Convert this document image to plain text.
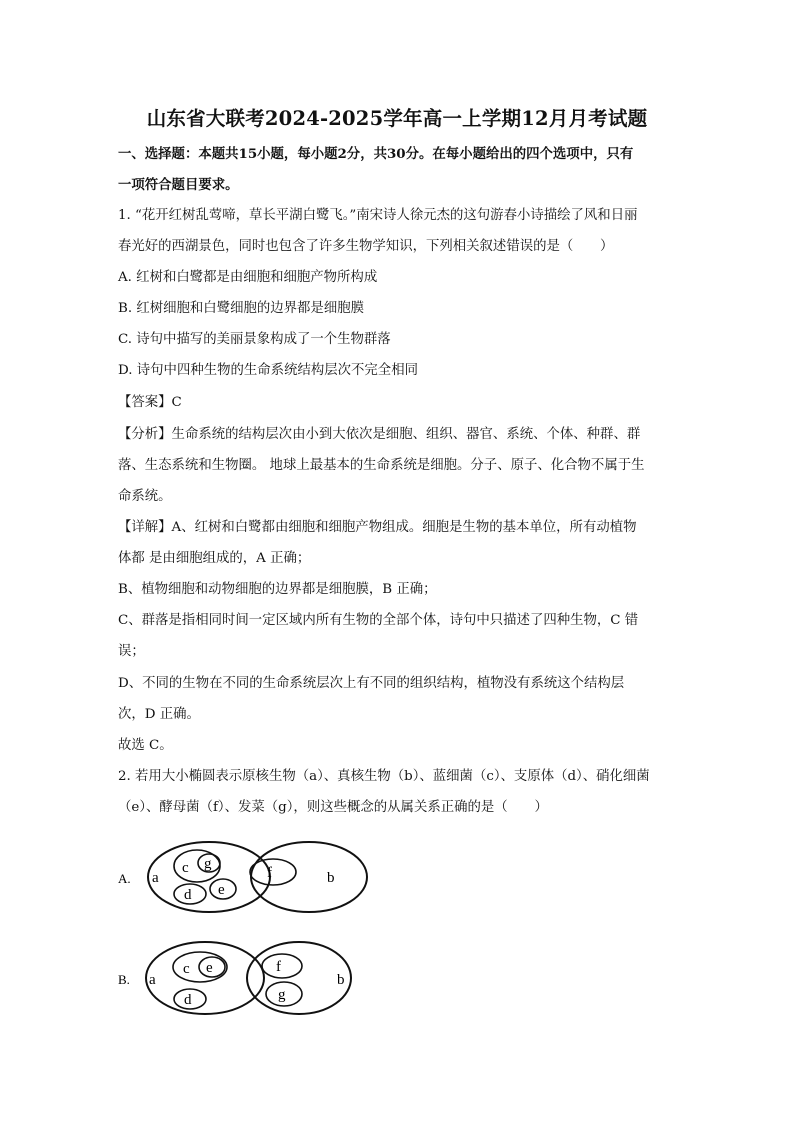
山东省大联考2024-2025学年高一上学期12月月考试题
一、选择题：本题共15小题，每小题2分，共30分。在每小题给出的四个选项中，只有
一项符合题目要求。
1. “花开红树乱莺啼，草长平湖白鹭飞。”南宋诗人徐元杰的这句游春小诗描绘了风和日丽
春光好的西湖景色，同时也包含了许多生物学知识，下列相关叙述错误的是（　　）
A. 红树和白鹭都是由细胞和细胞产物所构成
B. 红树细胞和白鹭细胞的边界都是细胞膜
C. 诗句中描写的美丽景象构成了一个生物群落
D. 诗句中四种生物的生命系统结构层次不完全相同
【答案】C
【分析】生命系统的结构层次由小到大依次是细胞、组织、器官、系统、个体、种群、群
落、生态系统和生物圈。 地球上最基本的生命系统是细胞。分子、原子、化合物不属于生
命系统。
【详解】A、红树和白鹭都由细胞和细胞产物组成。细胞是生物的基本单位，所有动植物
体都 是由细胞组成的，A 正确；
B、植物细胞和动物细胞的边界都是细胞膜，B 正确；
C、群落是指相同时间一定区域内所有生物的全部个体，诗句中只描述了四种生物，C 错
误；
D、不同的生物在不同的生命系统层次上有不同的组织结构，植物没有系统这个结构层
次，D 正确。
故选 C。
2. 若用大小椭圆表示原核生物（a）、真核生物（b）、蓝细菌（c）、支原体（d）、硝化细菌
（e）、酵母菌（f）、发菜（g），则这些概念的从属关系正确的是（　　）
A. a
c g
d e
f	b
B. a
c e
d
f
g
b
